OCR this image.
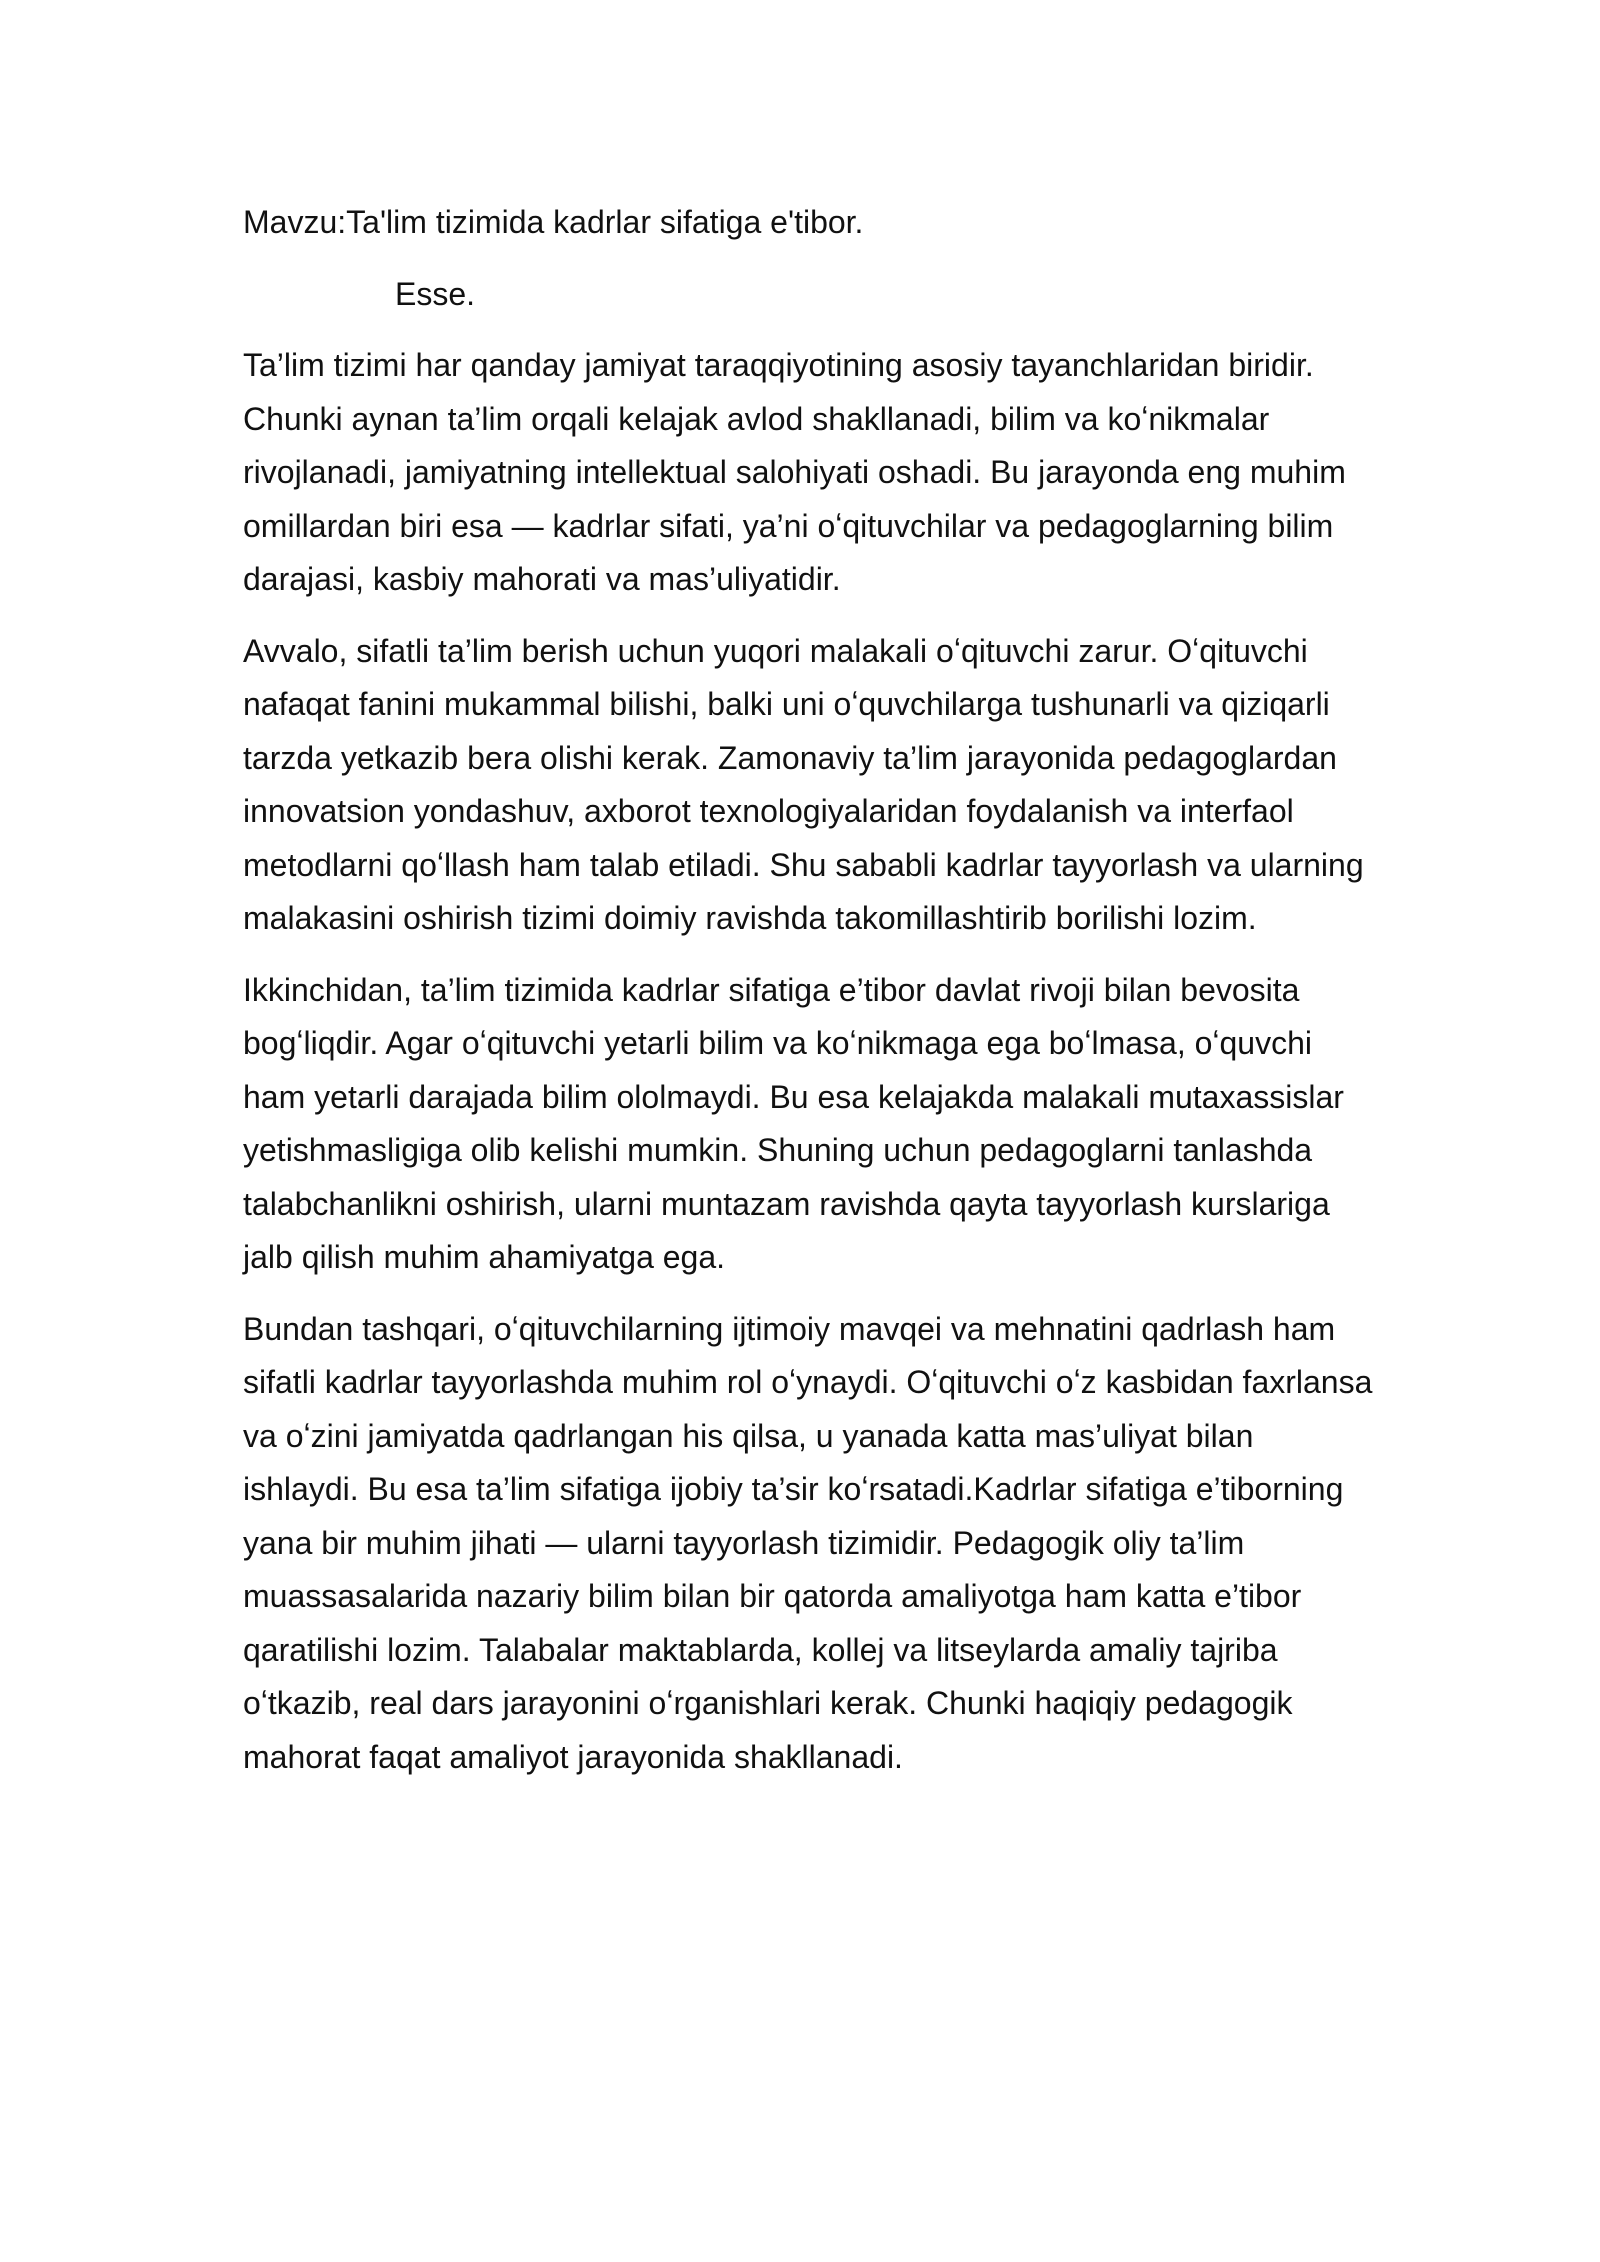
Mavzu:Ta'lim tizimida kadrlar sifatiga e'tibor.
Esse.

Ta’lim tizimi har qanday jamiyat taraqqiyotining asosiy tayanchlaridan biridir. Chunki aynan ta’lim orqali kelajak avlod shakllanadi, bilim va koʻnikmalar rivojlanadi, jamiyatning intellektual salohiyati oshadi. Bu jarayonda eng muhim omillardan biri esa — kadrlar sifati, ya’ni oʻqituvchilar va pedagoglarning bilim darajasi, kasbiy mahorati va mas’uliyatidir.

Avvalo, sifatli ta’lim berish uchun yuqori malakali oʻqituvchi zarur. Oʻqituvchi nafaqat fanini mukammal bilishi, balki uni oʻquvchilarga tushunarli va qiziqarli tarzda yetkazib bera olishi kerak. Zamonaviy ta’lim jarayonida pedagoglardan innovatsion yondashuv, axborot texnologiyalaridan foydalanish va interfaol metodlarni qoʻllash ham talab etiladi. Shu sababli kadrlar tayyorlash va ularning malakasini oshirish tizimi doimiy ravishda takomillashtirib borilishi lozim.

Ikkinchidan, ta’lim tizimida kadrlar sifatiga e’tibor davlat rivoji bilan bevosita bogʻliqdir. Agar oʻqituvchi yetarli bilim va koʻnikmaga ega boʻlmasa, oʻquvchi ham yetarli darajada bilim ololmaydi. Bu esa kelajakda malakali mutaxassislar yetishmasligiga olib kelishi mumkin. Shuning uchun pedagoglarni tanlashda talabchanlikni oshirish, ularni muntazam ravishda qayta tayyorlash kurslariga jalb qilish muhim ahamiyatga ega.

Bundan tashqari, oʻqituvchilarning ijtimoiy mavqei va mehnatini qadrlash ham sifatli kadrlar tayyorlashda muhim rol oʻynaydi. Oʻqituvchi oʻz kasbidan faxrlansa va oʻzini jamiyatda qadrlangan his qilsa, u yanada katta mas’uliyat bilan ishlaydi. Bu esa ta’lim sifatiga ijobiy ta’sir koʻrsatadi.Kadrlar sifatiga e’tiborning yana bir muhim jihati — ularni tayyorlash tizimidir. Pedagogik oliy ta’lim muassasalarida nazariy bilim bilan bir qatorda amaliyotga ham katta e’tibor qaratilishi lozim. Talabalar maktablarda, kollej va litseylarda amaliy tajriba oʻtkazib, real dars jarayonini oʻrganishlari kerak. Chunki haqiqiy pedagogik mahorat faqat amaliyot jarayonida shakllanadi.
